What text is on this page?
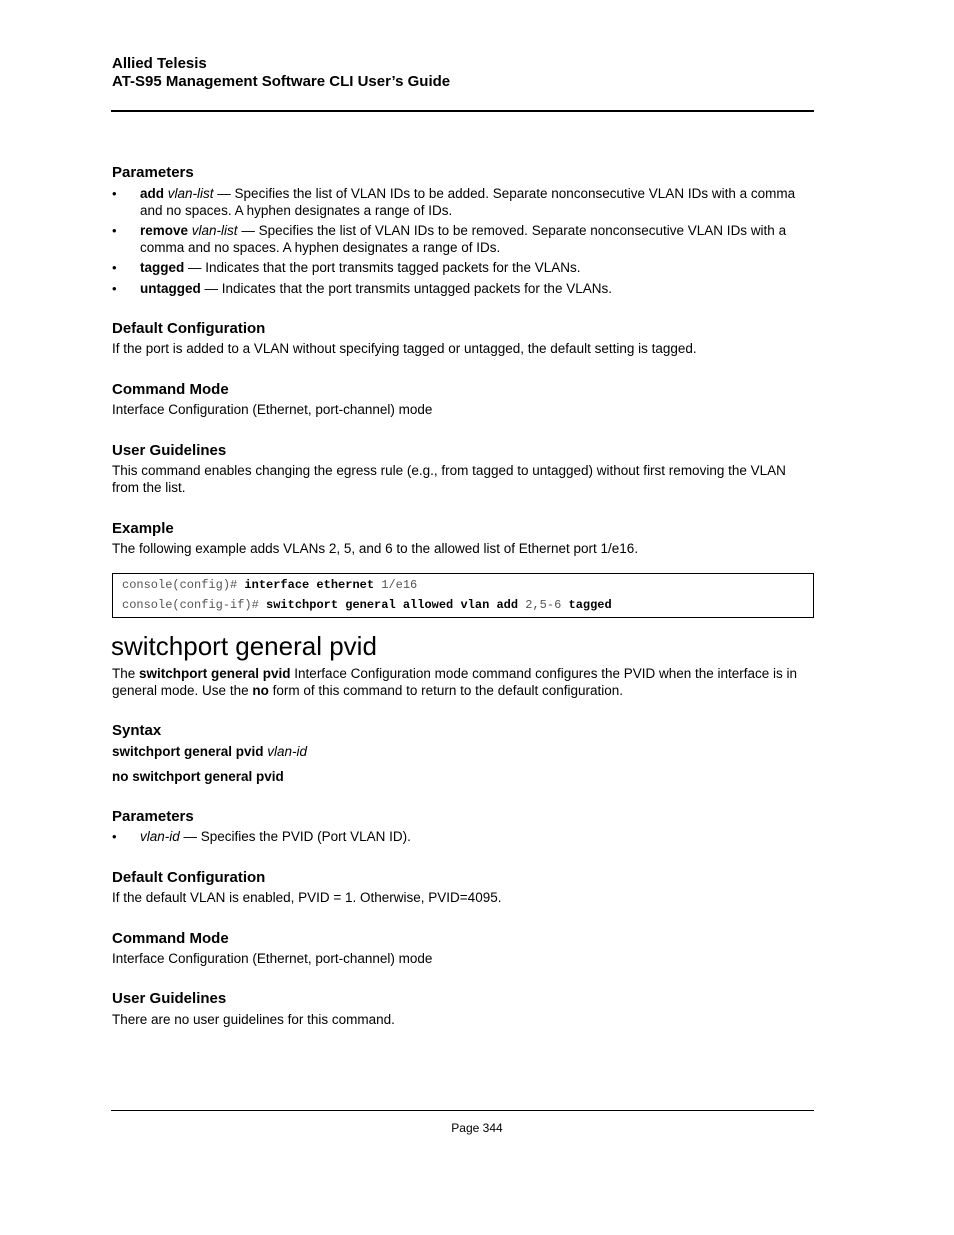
Allied Telesis
AT-S95 Management Software CLI User’s Guide
Parameters
• add vlan-list — Specifies the list of VLAN IDs to be added. Separate nonconsecutive VLAN IDs with a comma and no spaces. A hyphen designates a range of IDs.
• remove vlan-list — Specifies the list of VLAN IDs to be removed. Separate nonconsecutive VLAN IDs with a comma and no spaces. A hyphen designates a range of IDs.
• tagged — Indicates that the port transmits tagged packets for the VLANs.
• untagged — Indicates that the port transmits untagged packets for the VLANs.
Default Configuration
If the port is added to a VLAN without specifying tagged or untagged, the default setting is tagged.
Command Mode
Interface Configuration (Ethernet, port-channel) mode
User Guidelines
This command enables changing the egress rule (e.g., from tagged to untagged) without first removing the VLAN from the list.
Example
The following example adds VLANs 2, 5, and 6 to the allowed list of Ethernet port 1/e16.
console(config)# interface ethernet 1/e16
console(config-if)# switchport general allowed vlan add 2,5-6 tagged
switchport general pvid
The switchport general pvid Interface Configuration mode command configures the PVID when the interface is in general mode. Use the no form of this command to return to the default configuration.
Syntax
switchport general pvid vlan-id
no switchport general pvid
Parameters
• vlan-id — Specifies the PVID (Port VLAN ID).
Default Configuration
If the default VLAN is enabled, PVID = 1. Otherwise, PVID=4095.
Command Mode
Interface Configuration (Ethernet, port-channel) mode
User Guidelines
There are no user guidelines for this command.
Page 344
